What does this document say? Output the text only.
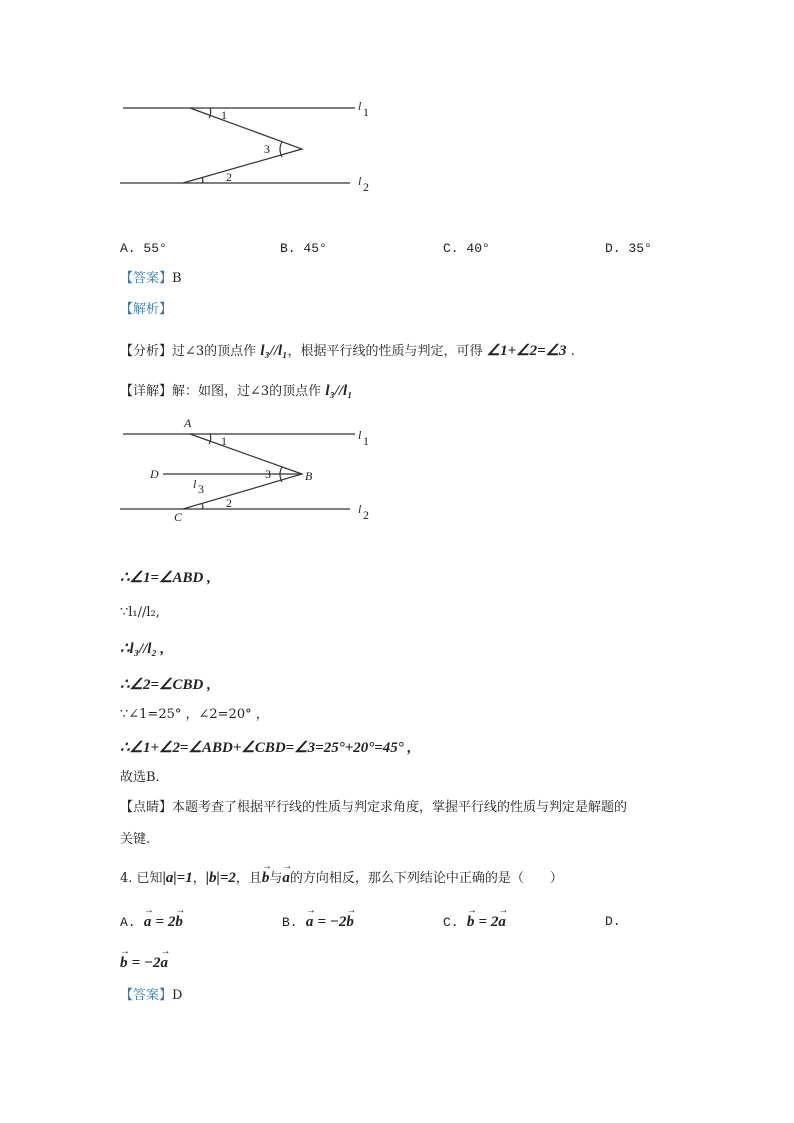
1
3
2
l 1
l 2
A
1
D	3	B
l 3
2
C
l 1
l 2
A. 55°	B. 45°	C. 40°	D. 35°
【答案】B
【解析】
【分析】过∠3的顶点作 l₃//l₁，根据平行线的性质与判定，可得 ∠1+∠2=∠3 .
【详解】解：如图，过∠3的顶点作 l₃//l₁
∴∠1=∠ABD ,
∵l₁//l₂,
∴l₃//l₂ ,
∴∠2=∠CBD ,
∵∠1=25° ，∠2=20° ，
∴∠1+∠2=∠ABD+∠CBD=∠3=25°+20°=45° ,
故选B.
【点睛】本题考查了根据平行线的性质与判定求角度，掌握平行线的性质与判定是解题的
关键.
4. 已知|a|=1，|b|=2，且→ b与→ a的方向相反，那么下列结论中正确的是（　　）
A. → a = 2→ b	B. → a = −2→ b	C. → b = 2→ a	D.
→ b = −2→ a
【答案】D
